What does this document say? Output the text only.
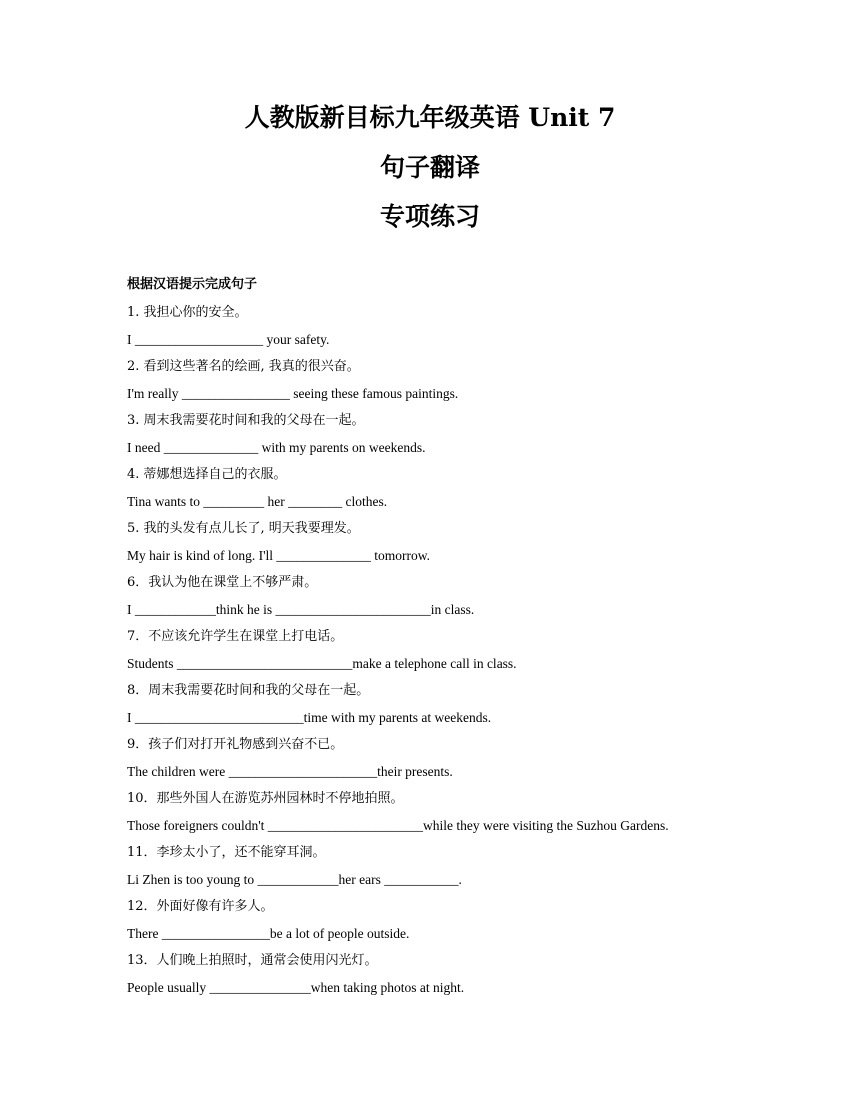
人教版新目标九年级英语 Unit 7
句子翻译
专项练习
根据汉语提示完成句子
1. 我担心你的安全。
I ___________________ your safety.
2. 看到这些著名的绘画, 我真的很兴奋。
I'm really ________________ seeing these famous paintings.
3. 周末我需要花时间和我的父母在一起。
I need ______________ with my parents on weekends.
4. 蒂娜想选择自己的衣服。
Tina wants to _________ her ________ clothes.
5. 我的头发有点儿长了, 明天我要理发。
My hair is kind of long. I'll ______________ tomorrow.
6．我认为他在课堂上不够严肃。
I ____________think he is _______________________in class.
7．不应该允许学生在课堂上打电话。
Students __________________________make a telephone call in class.
8．周末我需要花时间和我的父母在一起。
I _________________________time with my parents at weekends.
9．孩子们对打开礼物感到兴奋不已。
The children were ______________________their presents.
10．那些外国人在游览苏州园林时不停地拍照。
Those foreigners couldn't _______________________while they were visiting the Suzhou Gardens.
11．李珍太小了，还不能穿耳洞。
Li Zhen is too young to ____________her ears ___________.
12．外面好像有许多人。
There ________________be a lot of people outside.
13．人们晚上拍照时，通常会使用闪光灯。
People usually _______________when taking photos at night.
